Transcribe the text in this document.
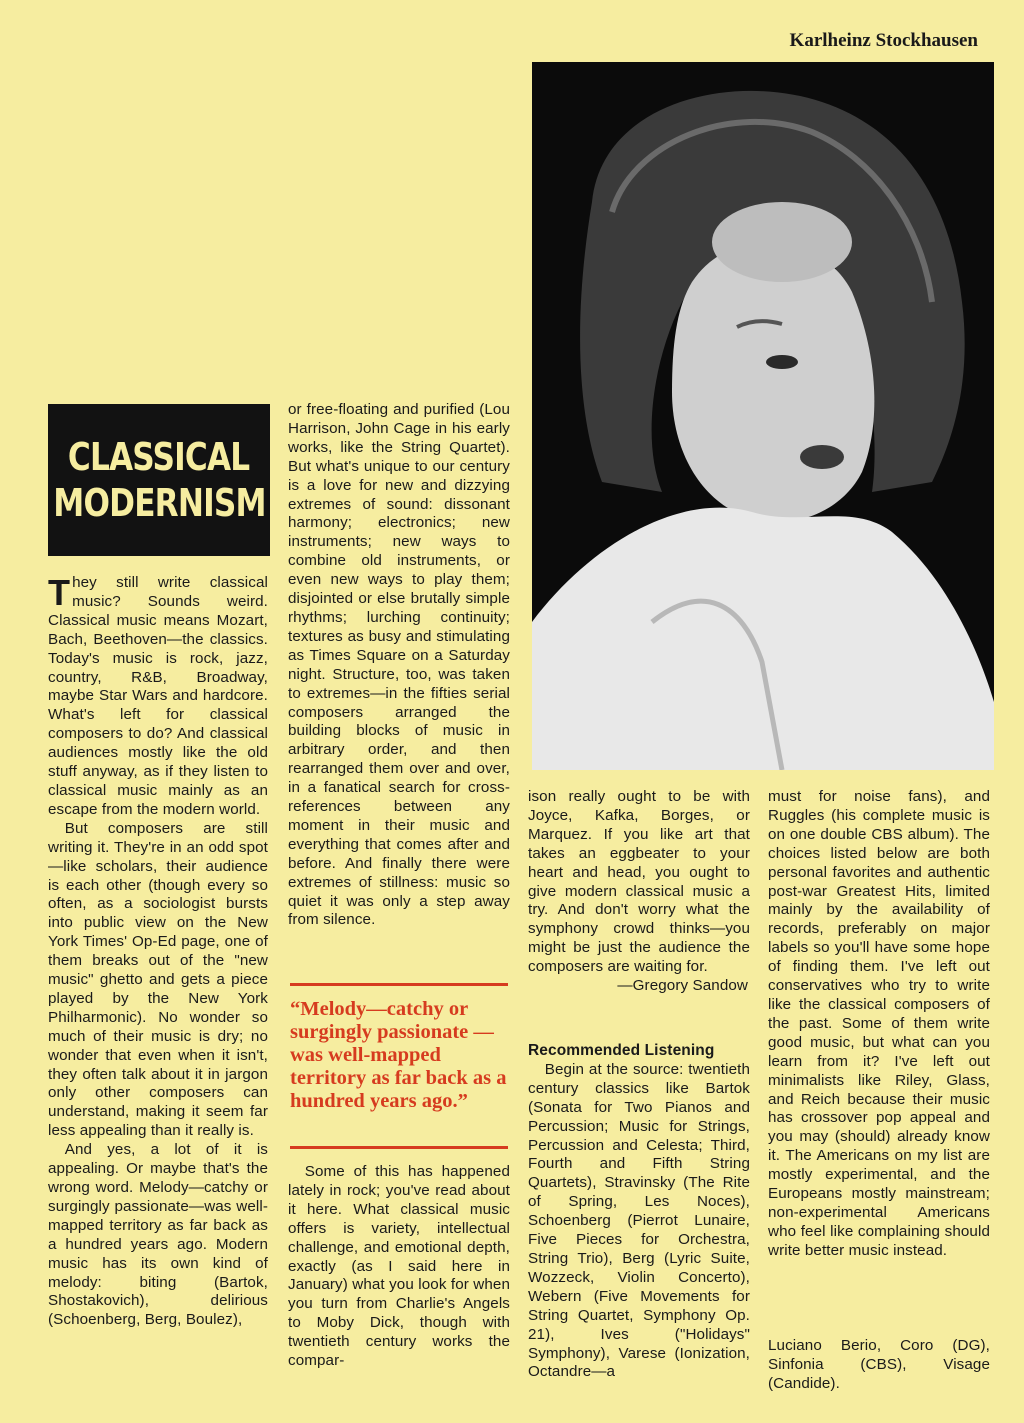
Karlheinz Stockhausen
CLASSICAL
MODERNISM

They still write classical music? Sounds weird. Classical music means Mozart, Bach, Beethoven—the classics. Today's music is rock, jazz, country, R&B, Broadway, maybe Star Wars and hardcore. What's left for classical composers to do? And classical audiences mostly like the old stuff anyway, as if they listen to classical music mainly as an escape from the modern world.

But composers are still writing it. They're in an odd spot—like scholars, their audience is each other (though every so often, as a sociologist bursts into public view on the New York Times' Op-Ed page, one of them breaks out of the "new music" ghetto and gets a piece played by the New York Philharmonic). No wonder so much of their music is dry; no wonder that even when it isn't, they often talk about it in jargon only other composers can understand, making it seem far less appealing than it really is.

And yes, a lot of it is appealing. Or maybe that's the wrong word. Melody—catchy or surgingly passionate—was well-mapped territory as far back as a hundred years ago. Modern music has its own kind of melody: biting (Bartok, Shostakovich), delirious (Schoenberg, Berg, Boulez),

or free-floating and purified (Lou Harrison, John Cage in his early works, like the String Quartet). But what's unique to our century is a love for new and dizzying extremes of sound: dissonant harmony; electronics; new instruments; new ways to combine old instruments, or even new ways to play them; disjointed or else brutally simple rhythms; lurching continuity; textures as busy and stimulating as Times Square on a Saturday night. Structure, too, was taken to extremes—in the fifties serial composers arranged the building blocks of music in arbitrary order, and then rearranged them over and over, in a fanatical search for cross-references between any moment in their music and everything that comes after and before. And finally there were extremes of stillness: music so quiet it was only a step away from silence.

“Melody—catchy or surgingly passionate —was well-mapped territory as far back as a hundred years ago.”

Some of this has happened lately in rock; you've read about it here. What classical music offers is variety, intellectual challenge, and emotional depth, exactly (as I said here in January) what you look for when you turn from Charlie's Angels to Moby Dick, though with twentieth century works the compar-

ison really ought to be with Joyce, Kafka, Borges, or Marquez. If you like art that takes an eggbeater to your heart and head, you ought to give modern classical music a try. And don't worry what the symphony crowd thinks—you might be just the audience the composers are waiting for.

—Gregory Sandow

Recommended Listening

Begin at the source: twentieth century classics like Bartok (Sonata for Two Pianos and Percussion; Music for Strings, Percussion and Celesta; Third, Fourth and Fifth String Quartets), Stravinsky (The Rite of Spring, Les Noces), Schoenberg (Pierrot Lunaire, Five Pieces for Orchestra, String Trio), Berg (Lyric Suite, Wozzeck, Violin Concerto), Webern (Five Movements for String Quartet, Symphony Op. 21), Ives ("Holidays" Symphony), Varese (Ionization, Octandre—a

must for noise fans), and Ruggles (his complete music is on one double CBS album). The choices listed below are both personal favorites and authentic post-war Greatest Hits, limited mainly by the availability of records, preferably on major labels so you'll have some hope of finding them. I've left out conservatives who try to write like the classical composers of the past. Some of them write good music, but what can you learn from it? I've left out minimalists like Riley, Glass, and Reich because their music has crossover pop appeal and you may (should) already know it. The Americans on my list are mostly experimental, and the Europeans mostly mainstream; non-experimental Americans who feel like complaining should write better music instead.

Luciano Berio, Coro (DG), Sinfonia (CBS), Visage (Candide).
